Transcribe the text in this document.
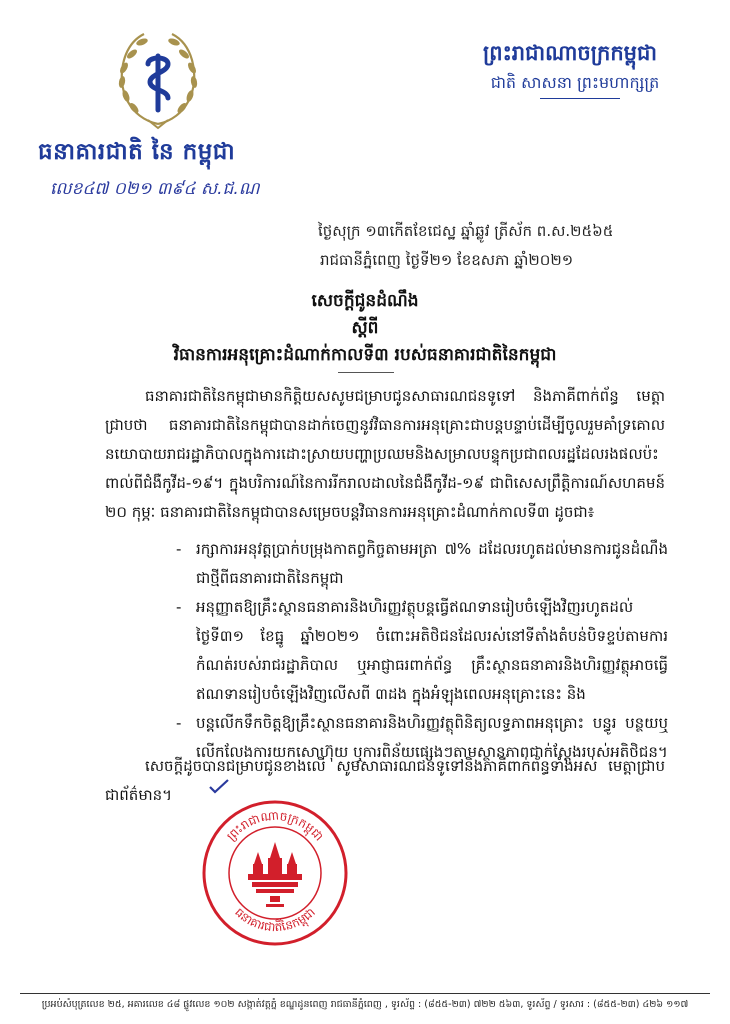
ធនាគារជាតិ នៃ កម្ពុជា
លេខ៤៧ ០២១ ៣៩៤ ស.ជ.ណ
ព្រះរាជាណាចក្រកម្ពុជា
ជាតិ សាសនា ព្រះមហាក្សត្រ
ថ្ងៃសុក្រ ១៣កើតខែជេស្ឋ ឆ្នាំឆ្លូវ ត្រីស័ក ព.ស.២៥៦៥
រាជធានីភ្នំពេញ ថ្ងៃទី២១ ខែឧសភា ឆ្នាំ២០២១
សេចក្តីជូនដំណឹង
ស្តីពី
វិធានការអនុគ្រោះដំណាក់កាលទី៣ របស់ធនាគារជាតិនៃកម្ពុជា
ធនាគារជាតិនៃកម្ពុជាមានកិត្តិយសសូមជម្រាបជូនសាធារណជនទូទៅ និងភាគីពាក់ព័ន្ធ មេត្តាជ្រាបថា ធនាគារជាតិនៃកម្ពុជាបានដាក់ចេញនូវវិធានការអនុគ្រោះជាបន្តបន្ទាប់ដើម្បីចូលរួមគាំទ្រគោលនយោបាយរាជរដ្ឋាភិបាលក្នុងការដោះស្រាយបញ្ហាប្រឈមនិងសម្រាលបន្ទុកប្រជាពលរដ្ឋដែលរងផលប៉ះពាល់ពីជំងឺកូវីដ-១៩។ ក្នុងបរិការណ៍នៃការរីករាលដាលនៃជំងឺកូវីដ-១៩ ជាពិសេសព្រឹត្តិការណ៍សហគមន៍ ២០ កុម្ភៈ ធនាគារជាតិនៃកម្ពុជាបានសម្រេចបន្តវិធានការអនុគ្រោះដំណាក់កាលទី៣ ដូចជា៖
- រក្សាការអនុវត្តប្រាក់បម្រុងកាតព្វកិច្ចតាមអត្រា ៧% ដដែលរហូតដល់មានការជូនដំណឹងជាថ្មីពីធនាគារជាតិនៃកម្ពុជា
- អនុញ្ញាតឱ្យគ្រឹះស្ថានធនាគារនិងហិរញ្ញវត្ថុបន្តធ្វើឥណទានរៀបចំឡើងវិញរហូតដល់ថ្ងៃទី៣១ ខែធ្នូ ឆ្នាំ២០២១ ចំពោះអតិថិជនដែលរស់នៅទីតាំងតំបន់បិទខ្ទប់តាមការកំណត់របស់រាជរដ្ឋាភិបាល ឬអាជ្ញាធរពាក់ព័ន្ធ គ្រឹះស្ថានធនាគារនិងហិរញ្ញវត្ថុអាចធ្វើឥណទានរៀបចំឡើងវិញលើសពី ៣ដង ក្នុងអំឡុងពេលអនុគ្រោះនេះ និង
- បន្តលើកទឹកចិត្តឱ្យគ្រឹះស្ថានធនាគារនិងហិរញ្ញវត្ថុពិនិត្យលទ្ធភាពអនុគ្រោះ បន្ធូរ បន្ថយឬលើកលែងការយកសោហ៊ុយ ឬការពិន័យផ្សេងៗតាមស្ថានភាពជាក់ស្តែងរបស់អតិថិជន។
សេចក្តីដូចបានជម្រាបជូនខាងលើ សូមសាធារណជនទូទៅនិងភាគីពាក់ព័ន្ធទាំងអស់ មេត្តាជ្រាបជាព័ត៌មាន។
ព្រះរាជាណាចក្រកម្ពុជា
ធនាគារជាតិនៃកម្ពុជា
ប្រអប់សំបុត្រលេខ ២៥, អគារលេខ ៤៨ ផ្លូវលេខ ១០២ សង្កាត់វត្តភ្នំ ខណ្ឌដូនពេញ រាជធានីភ្នំពេញ , ទូរស័ព្ទ : (៨៥៥-២៣) ៧២២ ៥៦៣, ទូរស័ព្ទ / ទូរសារ : (៨៥៥-២៣) ៤២៦ ១១៧
